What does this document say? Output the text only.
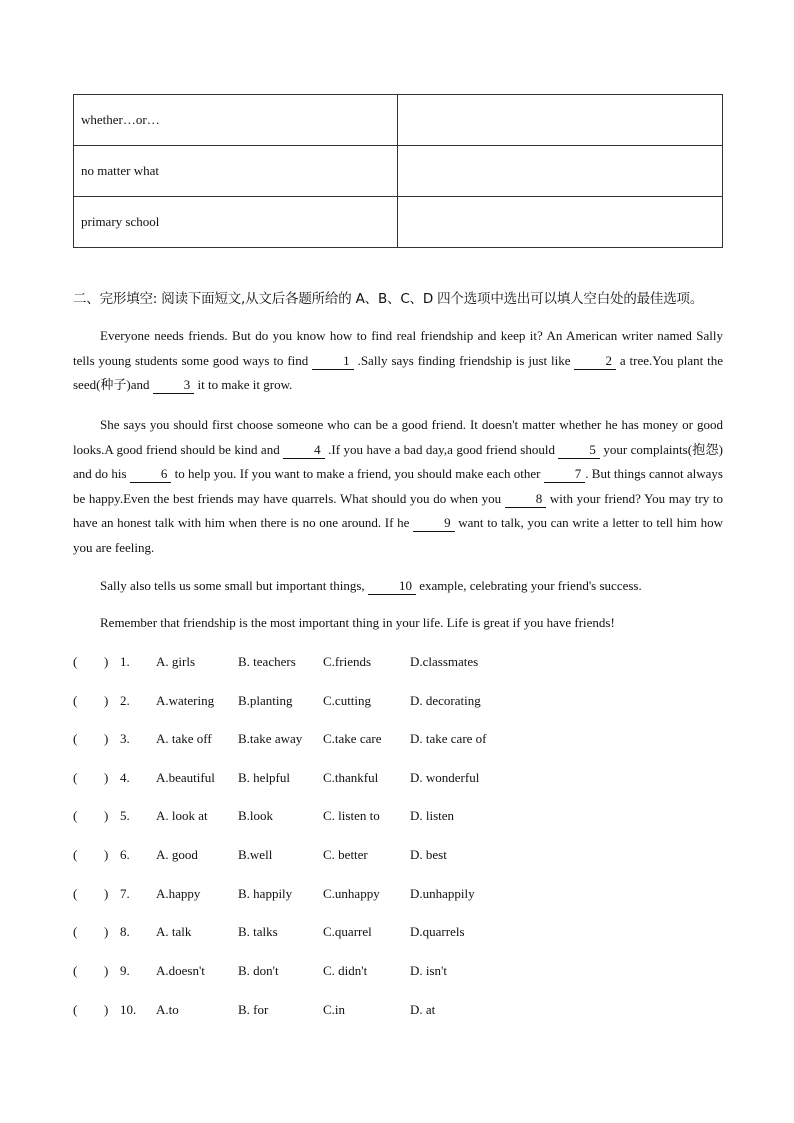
whether…or…	
no matter what	
primary school	
二、完形填空: 阅读下面短文,从文后各题所给的 A、B、C、D 四个选项中选出可以填人空白处的最佳选项。

Everyone needs friends. But do you know how to find real friendship and keep it? An American writer named Sally tells young students some good ways to find 1 .Sally says finding friendship is just like 2 a tree.You plant the seed(种子)and 3 it to make it grow.

She says you should first choose someone who can be a good friend. It doesn't matter whether he has money or good looks.A good friend should be kind and 4 .If you have a bad day,a good friend should 5 your complaints(抱怨) and do his 6 to help you. If you want to make a friend, you should make each other 7 . But things cannot always be happy.Even the best friends may have quarrels. What should you do when you 8 with your friend? You may try to have an honest talk with him when there is no one around. If he 9 want to talk, you can write a letter to tell him how you are feeling.

Sally also tells us some small but important things, 10 example, celebrating your friend's success.

Remember that friendship is the most important thing in your life. Life is great if you have friends!

( ) 1. A. girls	B. teachers C.friends	D.classmates
( ) 2. A.watering B.planting C.cutting	D. decorating
( ) 3. A. take off B.take away C.take care D. take care of
( ) 4. A.beautiful B. helpful	C.thankful D. wonderful
( ) 5. A. look at B.look	C. listen to D. listen
( ) 6. A. good	B.well	C. better	D. best
( ) 7. A.happy	B. happily C.unhappy D.unhappily
( ) 8. A. talk	B. talks	C.quarrel	D.quarrels
( ) 9. A.doesn't	B. don't	C. didn't	D. isn't
( ) 10. A.to	B. for	C.in	D. at
